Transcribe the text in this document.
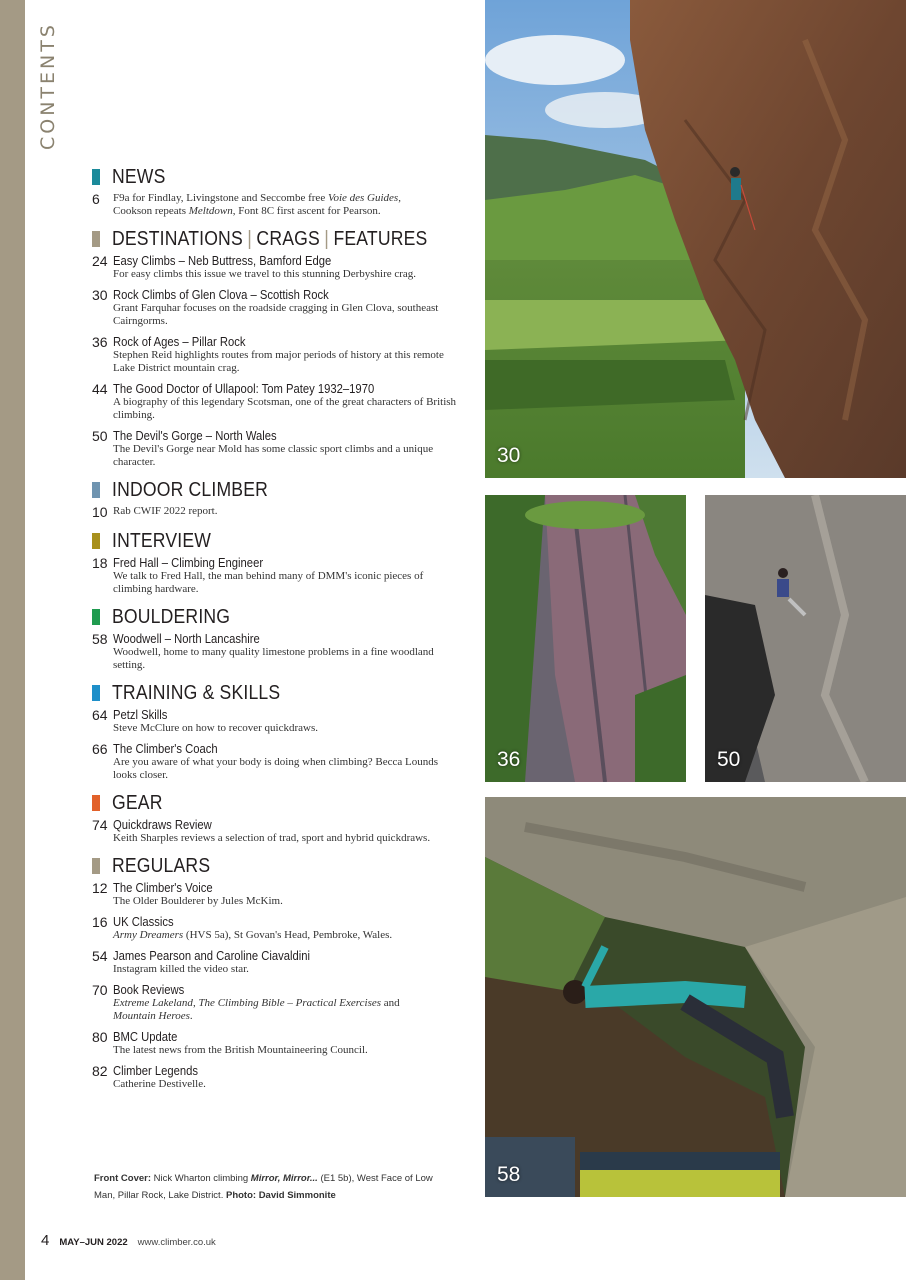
CONTENTS
NEWS
6	F9a for Findlay, Livingstone and Seccombe free Voie des Guides,
Cookson repeats Meltdown, Font 8C first ascent for Pearson.
DESTINATIONS | CRAGS | FEATURES
24 Easy Climbs – Neb Buttress, Bamford Edge
For easy climbs this issue we travel to this stunning Derbyshire crag.
30 Rock Climbs of Glen Clova – Scottish Rock
Grant Farquhar focuses on the roadside cragging in Glen Clova, southeast Cairngorms.
36 Rock of Ages – Pillar Rock
Stephen Reid highlights routes from major periods of history at this remote Lake District mountain crag.
44 The Good Doctor of Ullapool: Tom Patey 1932–1970
A biography of this legendary Scotsman, one of the great characters of British climbing.
50 The Devil's Gorge – North Wales
The Devil's Gorge near Mold has some classic sport climbs and a unique character.
INDOOR CLIMBER
10 Rab CWIF 2022 report.
INTERVIEW
18 Fred Hall – Climbing Engineer
We talk to Fred Hall, the man behind many of DMM's iconic pieces of climbing hardware.
BOULDERING
58 Woodwell – North Lancashire
Woodwell, home to many quality limestone problems in a fine woodland setting.
TRAINING & SKILLS
64 Petzl Skills
Steve McClure on how to recover quickdraws.
66 The Climber's Coach
Are you aware of what your body is doing when climbing? Becca Lounds looks closer.
GEAR
74 Quickdraws Review
Keith Sharples reviews a selection of trad, sport and hybrid quickdraws.
REGULARS
12 The Climber's Voice
The Older Boulderer by Jules McKim.
16 UK Classics
Army Dreamers (HVS 5a), St Govan's Head, Pembroke, Wales.
54 James Pearson and Caroline Ciavaldini
Instagram killed the video star.
70 Book Reviews
Extreme Lakeland, The Climbing Bible – Practical Exercises and
Mountain Heroes.
80 BMC Update
The latest news from the British Mountaineering Council.
82 Climber Legends
Catherine Destivelle.
Front Cover: Nick Wharton climbing Mirror, Mirror... (E1 5b), West Face of Low Man, Pillar Rock, Lake District. Photo: David Simmonite
4 MAY–JUN 2022 www.climber.co.uk
30
36	50
58
